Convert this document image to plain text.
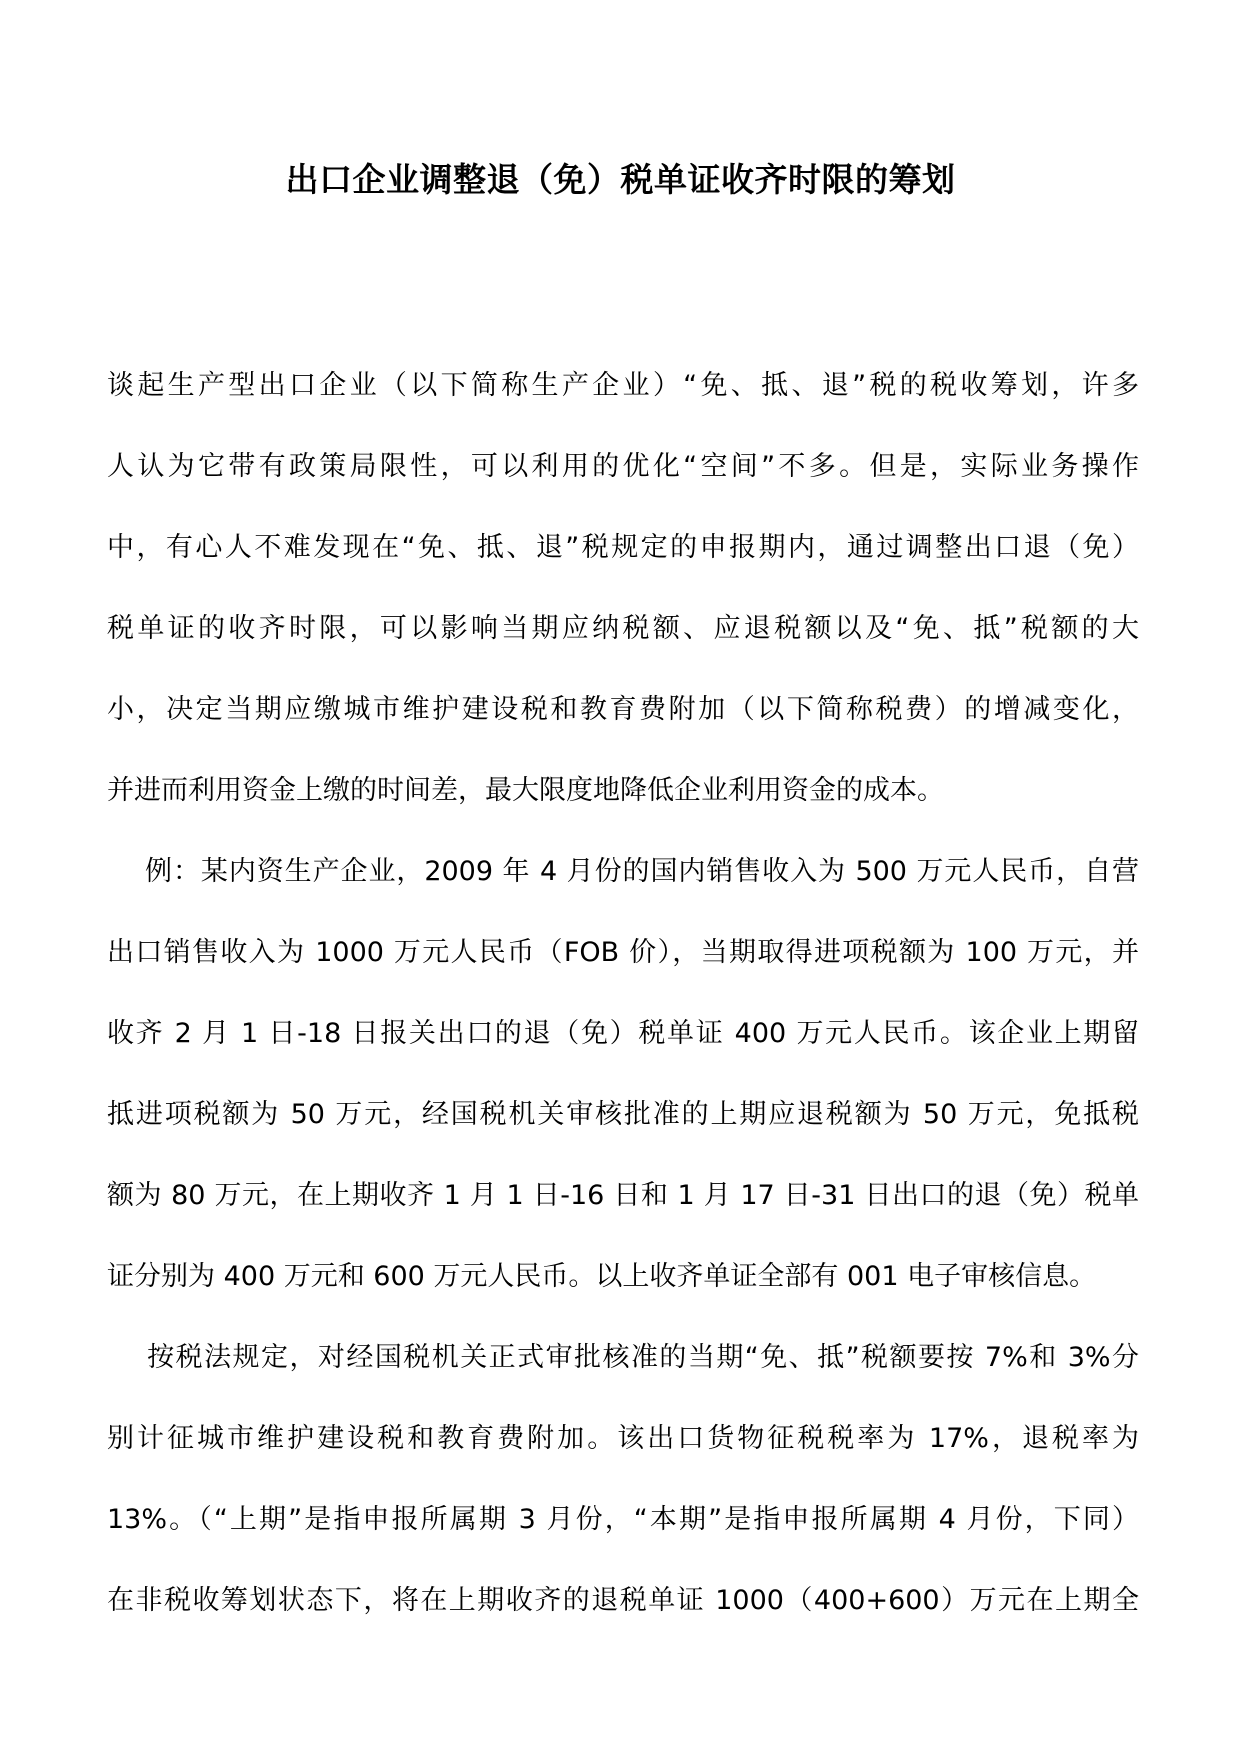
出口企业调整退（免）税单证收齐时限的筹划

谈起生产型出口企业（以下简称生产企业）“免、抵、退”税的税收筹划，许多
人认为它带有政策局限性，可以利用的优化“空间”不多。但是，实际业务操作
中，有心人不难发现在“免、抵、退”税规定的申报期内，通过调整出口退（免）
税单证的收齐时限，可以影响当期应纳税额、应退税额以及“免、抵”税额的大
小，决定当期应缴城市维护建设税和教育费附加（以下简称税费）的增减变化，
并进而利用资金上缴的时间差，最大限度地降低企业利用资金的成本。

例：某内资生产企业，2009 年 4 月份的国内销售收入为 500 万元人民币，自营
出口销售收入为 1000 万元人民币（FOB 价），当期取得进项税额为 100 万元，并
收齐 2 月 1 日-18 日报关出口的退（免）税单证 400 万元人民币。该企业上期留
抵进项税额为 50 万元，经国税机关审核批准的上期应退税额为 50 万元，免抵税
额为 80 万元，在上期收齐 1 月 1 日-16 日和 1 月 17 日-31 日出口的退（免）税单
证分别为 400 万元和 600 万元人民币。以上收齐单证全部有 001 电子审核信息。

按税法规定，对经国税机关正式审批核准的当期“免、抵”税额要按 7%和 3%分
别计征城市维护建设税和教育费附加。该出口货物征税税率为 17%，退税率为
13%。（“上期”是指申报所属期 3 月份，“本期”是指申报所属期 4 月份，下同）
在非税收筹划状态下，将在上期收齐的退税单证 1000（400+600）万元在上期全
